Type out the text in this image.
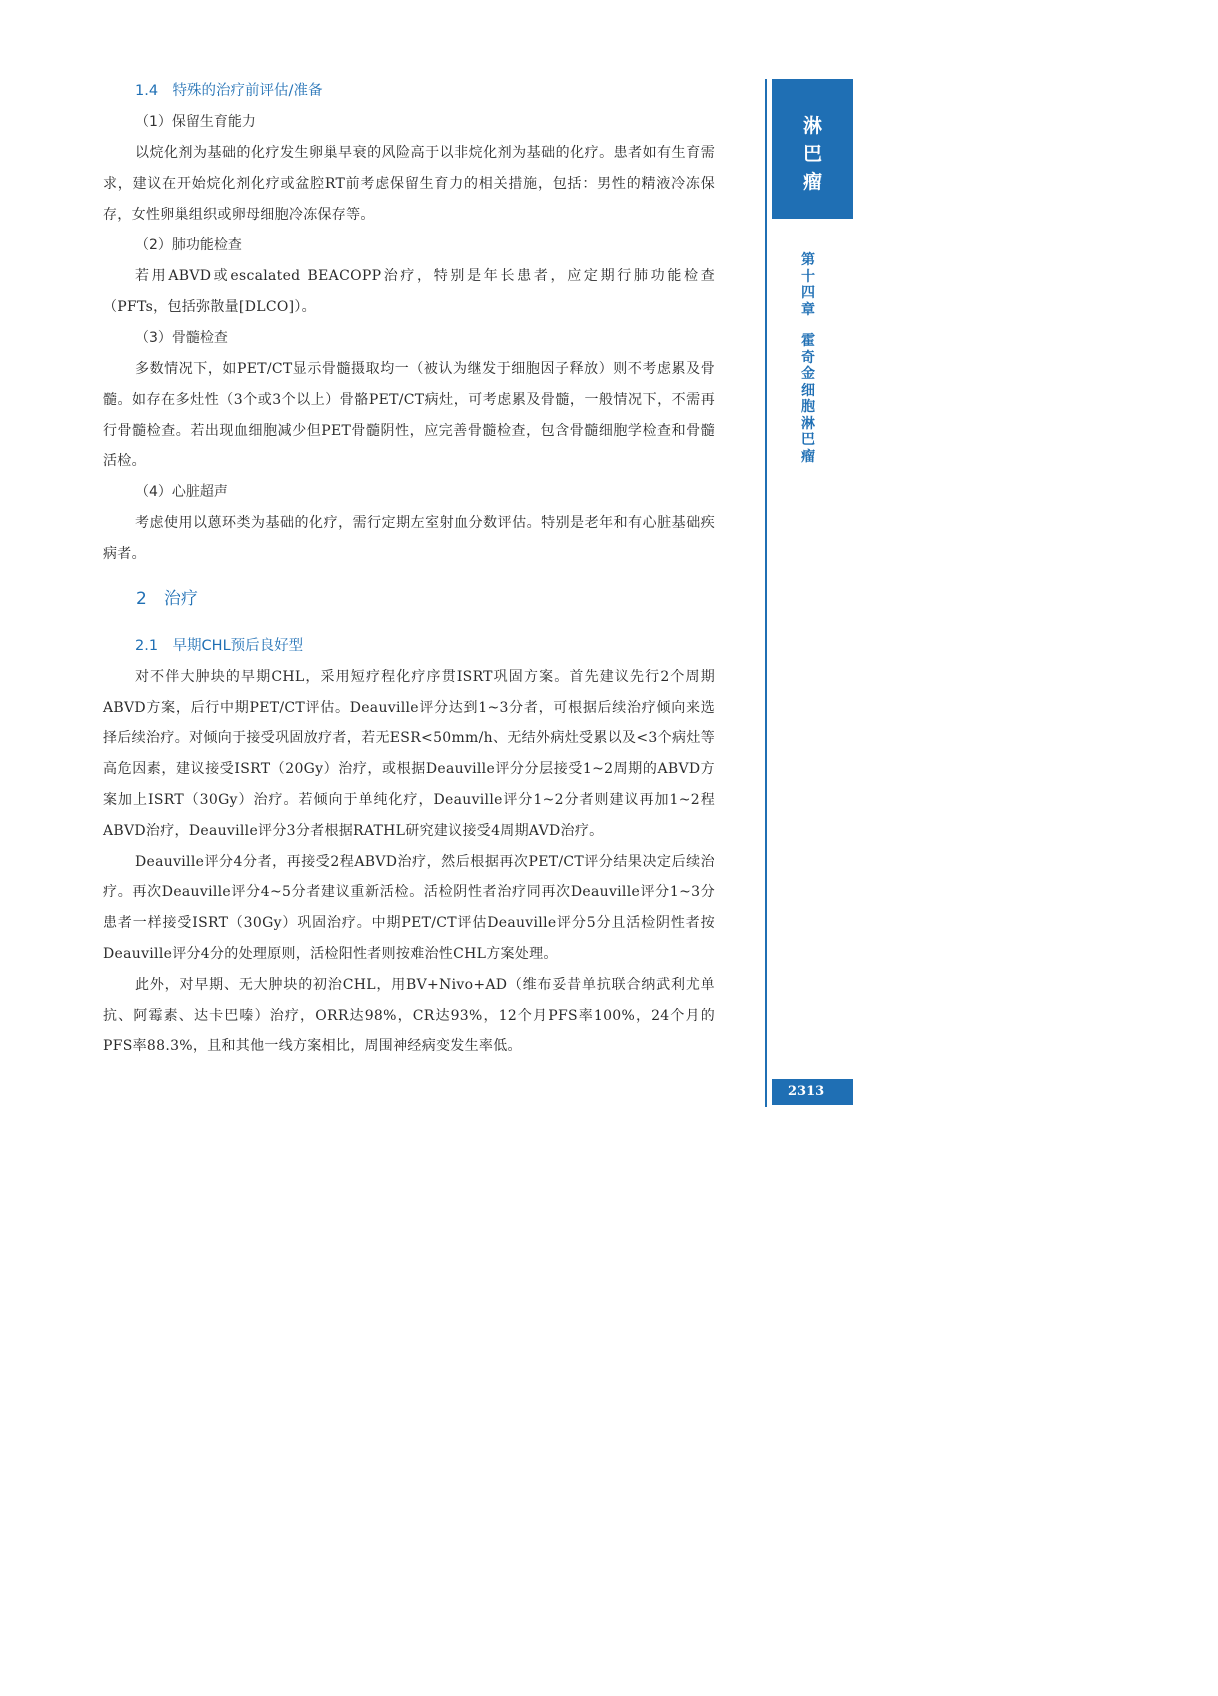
1.4　特殊的治疗前评估/准备
（1）保留生育能力

以烷化剂为基础的化疗发生卵巢早衰的风险高于以非烷化剂为基础的化疗。患者如有生育需求，建议在开始烷化剂化疗或盆腔RT前考虑保留生育力的相关措施，包括：男性的精液冷冻保存，女性卵巢组织或卵母细胞冷冻保存等。

（2）肺功能检查

若用ABVD或escalated BEACOPP治疗，特别是年长患者，应定期行肺功能检查（PFTs，包括弥散量[DLCO]）。

（3）骨髓检查

多数情况下，如PET/CT显示骨髓摄取均一（被认为继发于细胞因子释放）则不考虑累及骨髓。如存在多灶性（3个或3个以上）骨骼PET/CT病灶，可考虑累及骨髓，一般情况下，不需再行骨髓检查。若出现血细胞减少但PET骨髓阴性，应完善骨髓检查，包含骨髓细胞学检查和骨髓活检。

（4）心脏超声

考虑使用以蒽环类为基础的化疗，需行定期左室射血分数评估。特别是老年和有心脏基础疾病者。

2　治疗
2.1　早期CHL预后良好型

对不伴大肿块的早期CHL，采用短疗程化疗序贯ISRT巩固方案。首先建议先行2个周期ABVD方案，后行中期PET/CT评估。Deauville评分达到1~3分者，可根据后续治疗倾向来选择后续治疗。对倾向于接受巩固放疗者，若无ESR<50mm/h、无结外病灶受累以及<3个病灶等高危因素，建议接受ISRT（20Gy）治疗，或根据Deauville评分分层接受1~2周期的ABVD方案加上ISRT（30Gy）治疗。若倾向于单纯化疗，Deauville评分1~2分者则建议再加1~2程ABVD治疗，Deauville评分3分者根据RATHL研究建议接受4周期AVD治疗。

Deauville评分4分者，再接受2程ABVD治疗，然后根据再次PET/CT评分结果决定后续治疗。再次Deauville评分4~5分者建议重新活检。活检阴性者治疗同再次Deauville评分1~3分患者一样接受ISRT（30Gy）巩固治疗。中期PET/CT评估Deauville评分5分且活检阴性者按Deauville评分4分的处理原则，活检阳性者则按难治性CHL方案处理。

此外，对早期、无大肿块的初治CHL，用BV+Nivo+AD（维布妥昔单抗联合纳武利尤单抗、阿霉素、达卡巴嗪）治疗，ORR达98%，CR达93%，12个月PFS率100%，24个月的PFS率88.3%，且和其他一线方案相比，周围神经病变发生率低。

淋
巴
瘤
第
十
四
章
霍
奇
金
细
胞
淋
巴
瘤
2313
